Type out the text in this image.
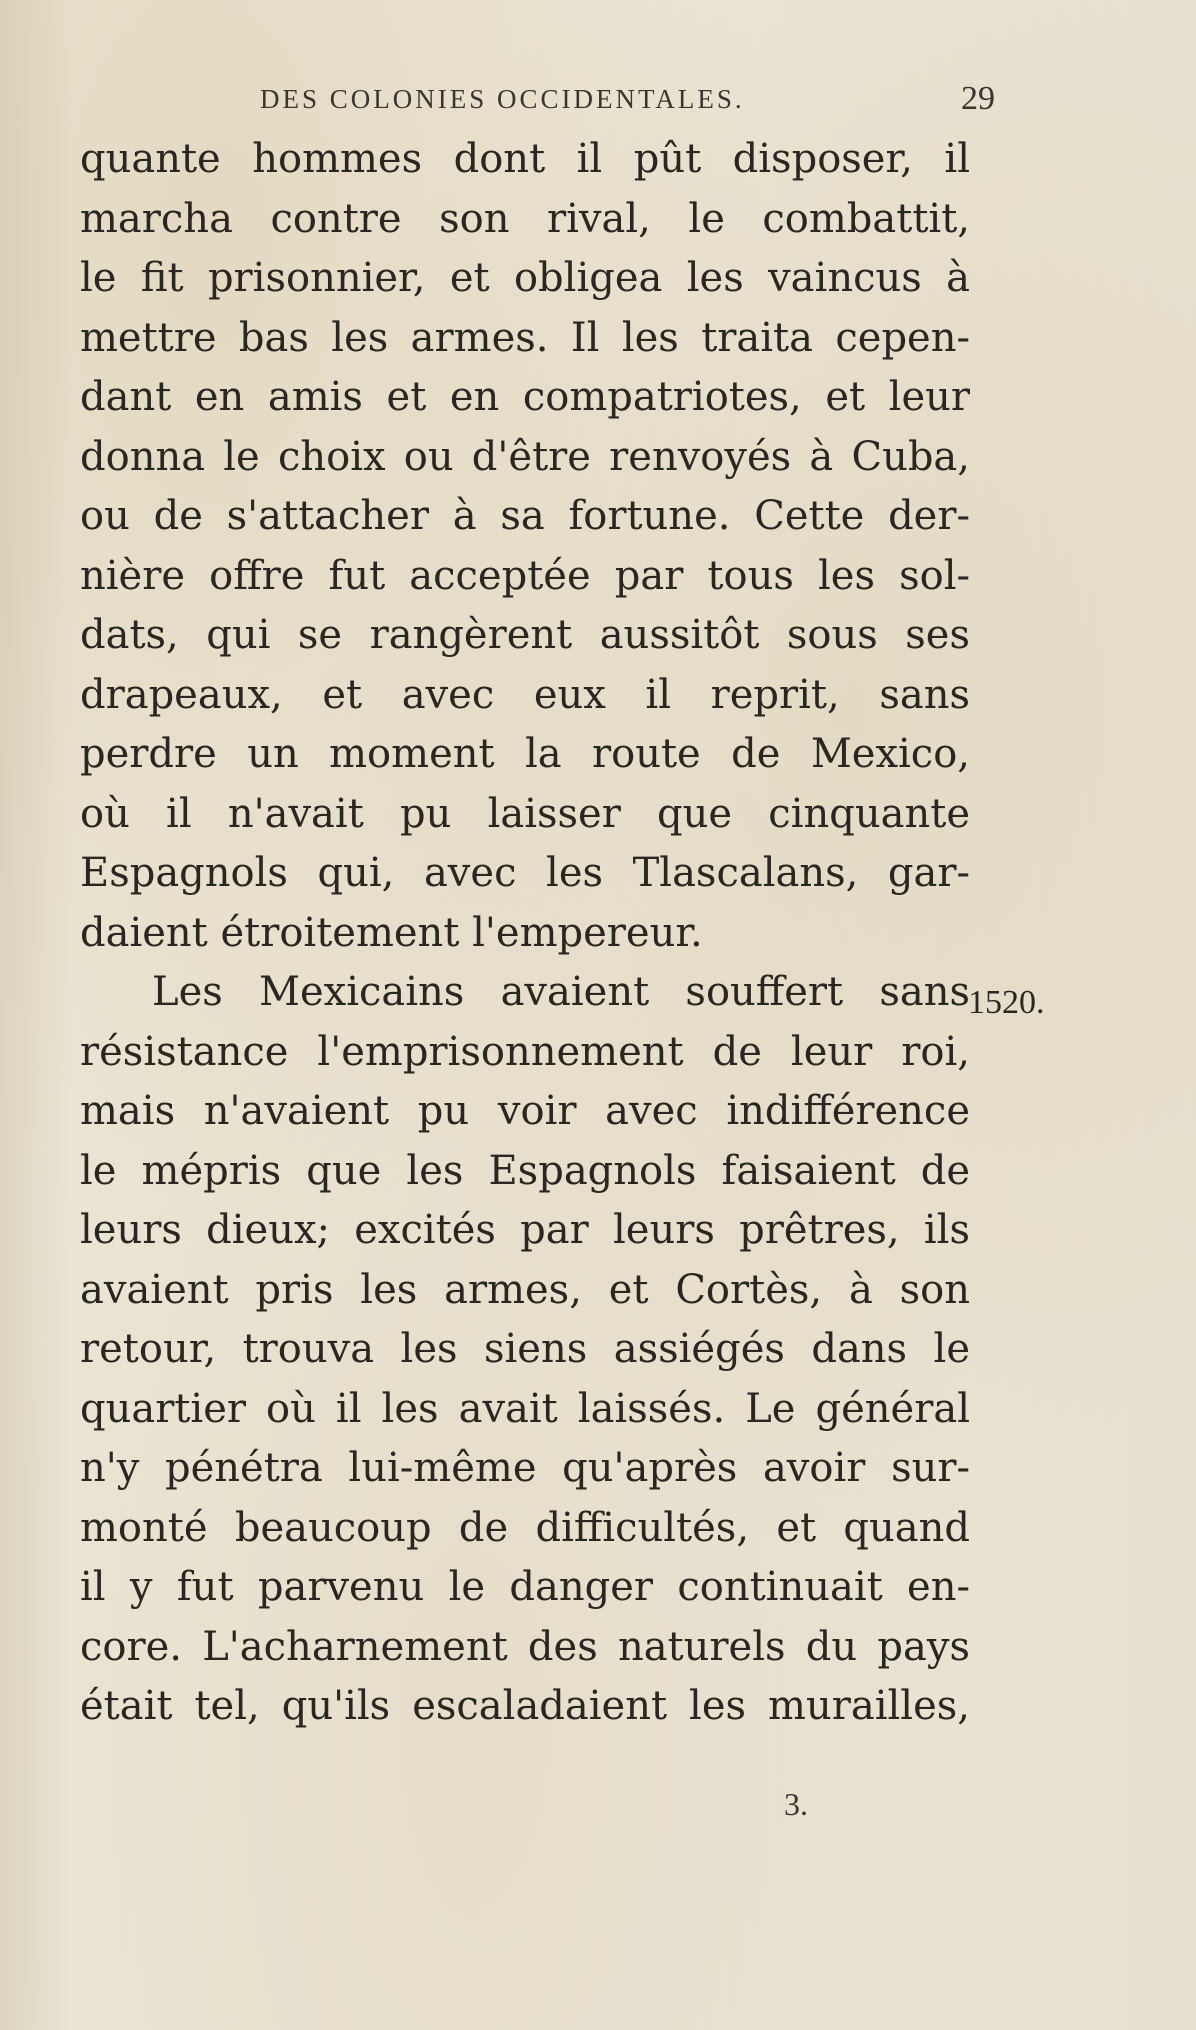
DES COLONIES OCCIDENTALES.	29
quante hommes dont il pût disposer, il
marcha contre son rival, le combattit,
le fit prisonnier, et obligea les vaincus à
mettre bas les armes. Il les traita cepen-
dant en amis et en compatriotes, et leur
donna le choix ou d'être renvoyés à Cuba,
ou de s'attacher à sa fortune. Cette der-
nière offre fut acceptée par tous les sol-
dats, qui se rangèrent aussitôt sous ses
drapeaux, et avec eux il reprit, sans
perdre un moment la route de Mexico,
où il n'avait pu laisser que cinquante
Espagnols qui, avec les Tlascalans, gar-
daient étroitement l'empereur.
Les Mexicains avaient souffert sans
résistance l'emprisonnement de leur roi,
mais n'avaient pu voir avec indifférence
le mépris que les Espagnols faisaient de
leurs dieux; excités par leurs prêtres, ils
avaient pris les armes, et Cortès, à son
retour, trouva les siens assiégés dans le
quartier où il les avait laissés. Le général
n'y pénétra lui-même qu'après avoir sur-
monté beaucoup de difficultés, et quand
il y fut parvenu le danger continuait en-
core. L'acharnement des naturels du pays
était tel, qu'ils escaladaient les murailles,
1520.
3.
